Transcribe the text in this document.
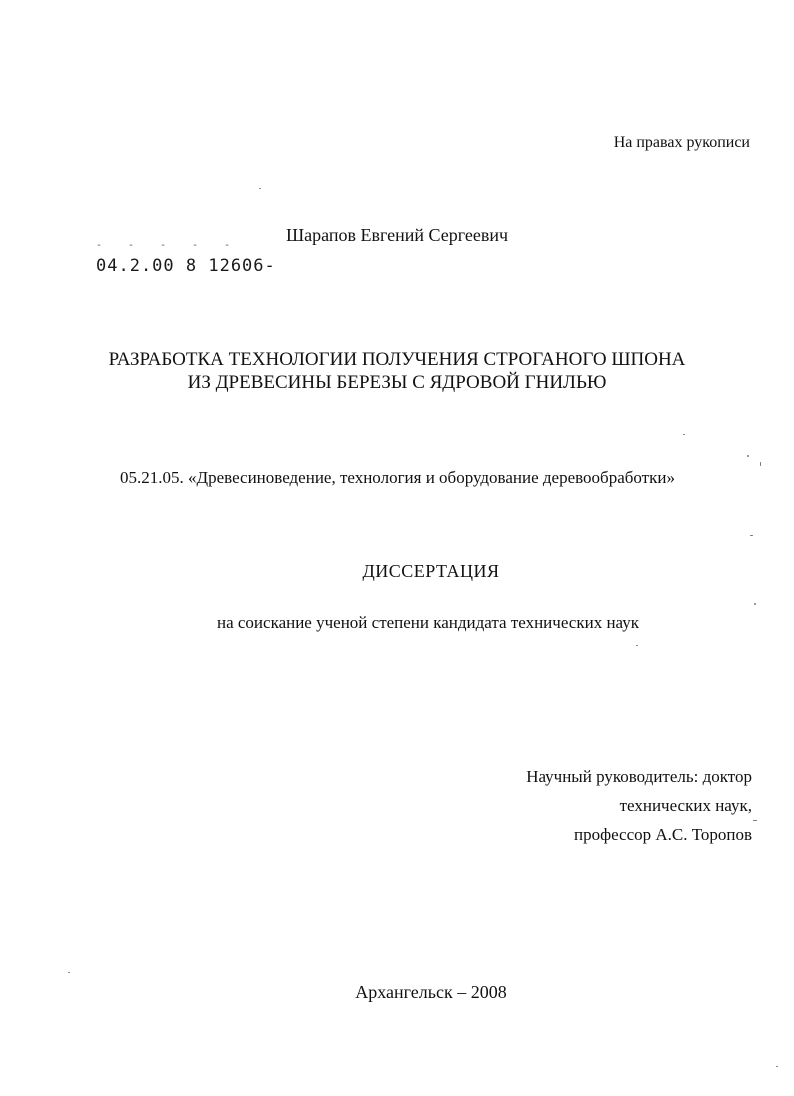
На правах рукописи
Шарапов Евгений Сергеевич
- - - - -
04.2.00 8 12606-
РАЗРАБОТКА ТЕХНОЛОГИИ ПОЛУЧЕНИЯ СТРОГАНОГО ШПОНА
ИЗ ДРЕВЕСИНЫ БЕРЕЗЫ С ЯДРОВОЙ ГНИЛЬЮ
05.21.05. «Древесиноведение, технология и оборудование деревообработки»
ДИССЕРТАЦИЯ
на соискание ученой степени кандидата технических наук
Научный руководитель: доктор
технических наук,
профессор А.С. Торопов
Архангельск – 2008
